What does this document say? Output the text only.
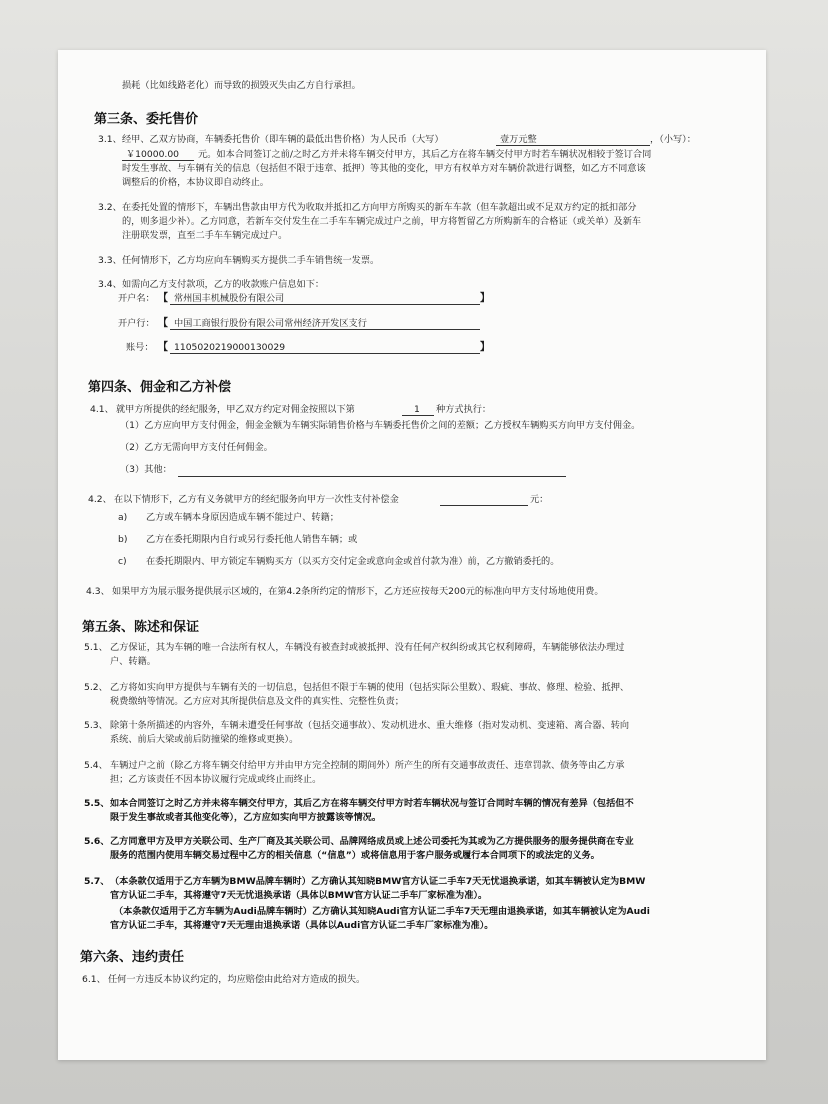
损耗（比如线路老化）而导致的损毁灭失由乙方自行承担。
第三条、委托售价
3.1、 经甲、乙双方协商，车辆委托售价（即车辆的最低出售价格）为人民币（大写）	壹万元整	，（小写）：
￥10000.00 元。如本合同签订之前/之时乙方并未将车辆交付甲方，其后乙方在将车辆交付甲方时若车辆状况相较于签订合同
时发生事故、与车辆有关的信息（包括但不限于违章、抵押）等其他的变化，甲方有权单方对车辆价款进行调整，如乙方不同意该
调整后的价格，本协议即自动终止。
3.2、 在委托处置的情形下，车辆出售款由甲方代为收取并抵扣乙方向甲方所购买的新车车款（但车款超出或不足双方约定的抵扣部分
的，则多退少补）。乙方同意，若新车交付发生在二手车车辆完成过户之前，甲方将暂留乙方所购新车的合格证（或关单）及新车
注册联发票，直至二手车车辆完成过户。
3.3、 任何情形下，乙方均应向车辆购买方提供二手车销售统一发票。
3.4、 如需向乙方支付款项，乙方的收款账户信息如下：
开户名： 【 常州国丰机械股份有限公司	】
开户行： 【 中国工商银行股份有限公司常州经济开发区支行
账号： 【 1105020219000130029	】
第四条、佣金和乙方补偿
4.1、 就甲方所提供的经纪服务，甲乙双方约定对佣金按照以下第	1 种方式执行：
（1）乙方应向甲方支付佣金，佣金金额为车辆实际销售价格与车辆委托售价之间的差额；乙方授权车辆购买方向甲方支付佣金。
（2）乙方无需向甲方支付任何佣金。
（3）其他：
4.2、 在以下情形下，乙方有义务就甲方的经纪服务向甲方一次性支付补偿金	元：
a) 乙方或车辆本身原因造成车辆不能过户、转籍；
b) 乙方在委托期限内自行或另行委托他人销售车辆；或
c) 在委托期限内、甲方锁定车辆购买方（以买方交付定金或意向金或首付款为准）前，乙方撤销委托的。
4.3、 如果甲方为展示服务提供展示区域的，在第4.2条所约定的情形下，乙方还应按每天200元的标准向甲方支付场地使用费。
第五条、陈述和保证
5.1、 乙方保证，其为车辆的唯一合法所有权人，车辆没有被查封或被抵押、没有任何产权纠纷或其它权利障碍，车辆能够依法办理过
户、转籍。
5.2、 乙方将如实向甲方提供与车辆有关的一切信息，包括但不限于车辆的使用（包括实际公里数）、瑕疵、事故、修理、检验、抵押、
税费缴纳等情况。乙方应对其所提供信息及文件的真实性、完整性负责；
5.3、 除第十条所描述的内容外，车辆未遭受任何事故（包括交通事故）、发动机进水、重大维修（指对发动机、变速箱、离合器、转向
系统、前后大梁或前后防撞梁的维修或更换）。
5.4、 车辆过户之前（除乙方将车辆交付给甲方并由甲方完全控制的期间外）所产生的所有交通事故责任、违章罚款、债务等由乙方承
担；乙方该责任不因本协议履行完成或终止而终止。
5.5、 如本合同签订之时乙方并未将车辆交付甲方，其后乙方在将车辆交付甲方时若车辆状况与签订合同时车辆的情况有差异（包括但不
限于发生事故或者其他变化等），乙方应如实向甲方披露该等情况。
5.6、 乙方同意甲方及甲方关联公司、生产厂商及其关联公司、品牌网络成员或上述公司委托为其或为乙方提供服务的服务提供商在专业
服务的范围内使用车辆交易过程中乙方的相关信息（“信息”）或将信息用于客户服务或履行本合同项下的或法定的义务。
5.7、 （本条款仅适用于乙方车辆为BMW品牌车辆时）乙方确认其知晓BMW官方认证二手车7天无忧退换承诺，如其车辆被认定为BMW
官方认证二手车，其将遵守7天无忧退换承诺（具体以BMW官方认证二手车厂家标准为准）。
（本条款仅适用于乙方车辆为Audi品牌车辆时）乙方确认其知晓Audi官方认证二手车7天无理由退换承诺，如其车辆被认定为Audi
官方认证二手车，其将遵守7天无理由退换承诺（具体以Audi官方认证二手车厂家标准为准）。
第六条、违约责任
6.1、 任何一方违反本协议约定的，均应赔偿由此给对方造成的损失。
